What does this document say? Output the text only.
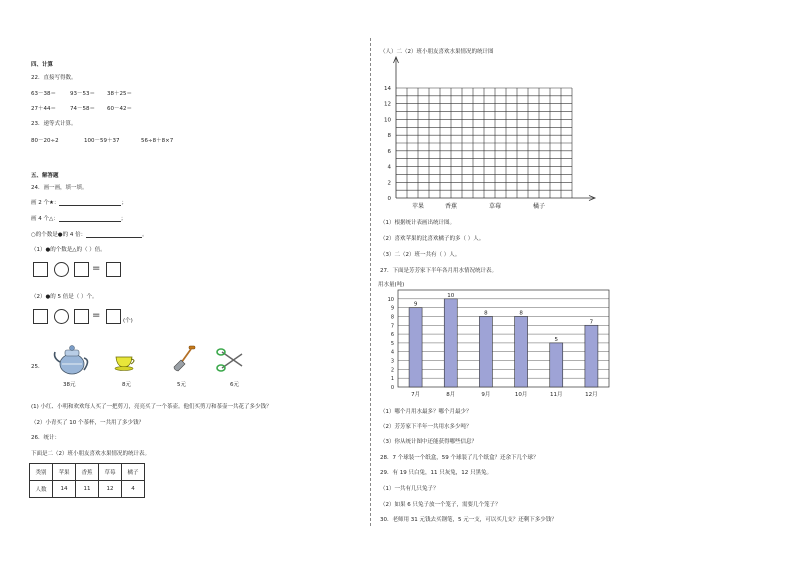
四、计算
22．直接写得数。
63－38＝	93－53＝ 38＋25＝
27＋44＝	74－58＝ 60－42＝
23．递等式计算。
80－20÷2	100－59＋37	56÷8＋8×7
五、解答题
24．画一画，填一填。
画 2 个★：	；
画 4 个△：	；
○的个数是●的 4 倍：	。
（1）●的个数是△的（ ）倍。
=
（2）●的 5 倍是（ ）个。
=	(个)
25．
38元	8元	5元	6元
(1) 小红、小明和欢欢每人买了一把剪刀，亮亮买了一个茶壶。他们买剪刀和茶壶一共花了多少钱？
（2）小青买了 10 个茶杯，一共用了多少钱？
26．统计：
下面是二（2）班小朋友喜欢水果情况的统计表。
类别	苹果	香蕉	草莓	橘子
人数	14	11	12	4
（人）二（2）班小朋友喜欢水果情况的统计图
0
2
4
6
8
10
12
14
苹果	香蕉	草莓	橘子
（1）根据统计表画出统计图。
（2）喜欢苹果的比喜欢橘子的多（ ）人。
（3）二（2）班一共有（ ）人。
27．下面是芳芳家下半年各月用水情况统计表。
用水量(吨)
0
1
2
3
4
5
6
7
8
9
10
9
7月
10
8月
8
9月
8
10月
5
11月
7
12月
（1）哪个月用水最多？哪个月最少？
（2）芳芳家下半年一共用水多少吨？
（3）你从统计图中还能获得哪些信息？
28．7 个球装一个纸盒，59 个球装了几个纸盒？还余下几个球？
29．有 19 只白兔，11 只灰兔，12 只黑兔。
（1）一共有几只兔子？
（2）如果 6 只兔子放一个笼子，需要几个笼子？
30．老师用 31 元钱去买钢笔，5 元一支，可以买几支？还剩下多少钱？
